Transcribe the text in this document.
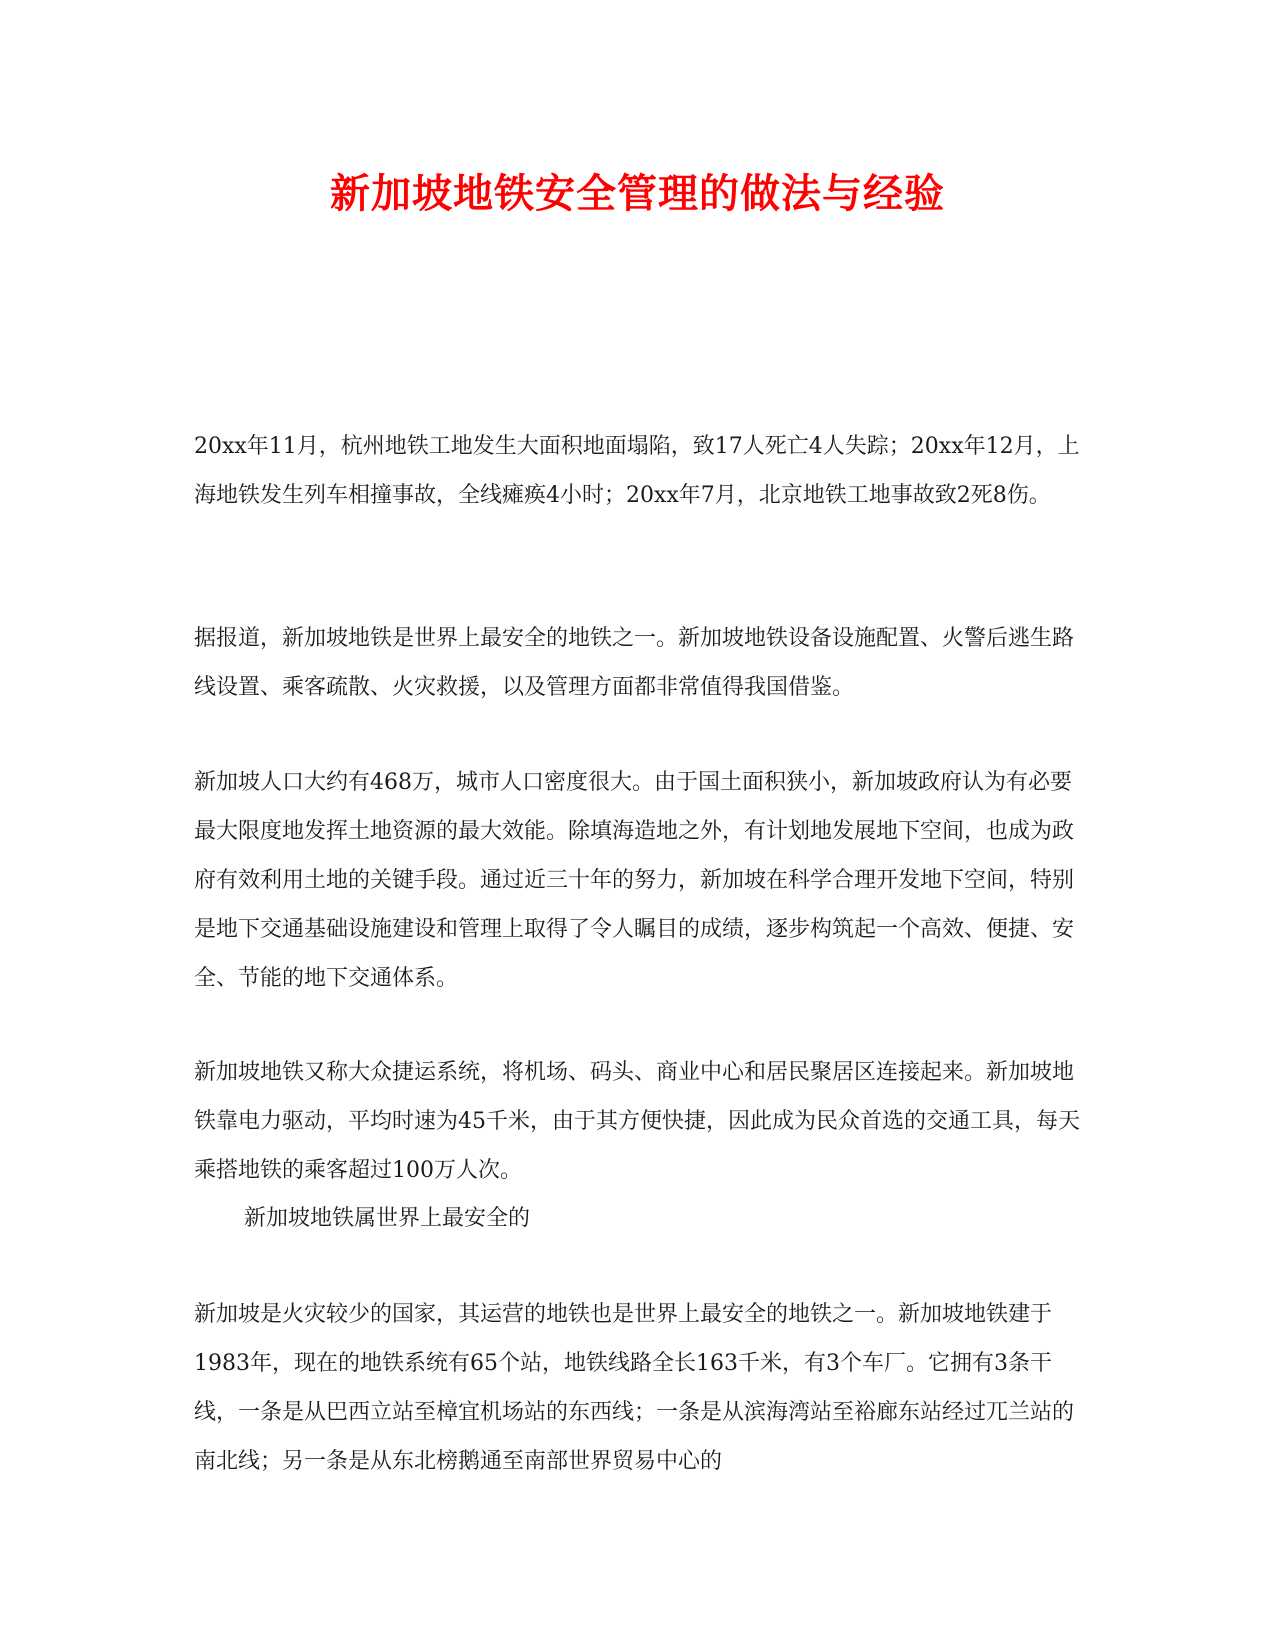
新加坡地铁安全管理的做法与经验

20xx年11月，杭州地铁工地发生大面积地面塌陷，致17人死亡4人失踪；20xx年12月，上海地铁发生列车相撞事故，全线瘫痪4小时；20xx年7月，北京地铁工地事故致2死8伤。

据报道，新加坡地铁是世界上最安全的地铁之一。新加坡地铁设备设施配置、火警后逃生路线设置、乘客疏散、火灾救援，以及管理方面都非常值得我国借鉴。

新加坡人口大约有468万，城市人口密度很大。由于国土面积狭小，新加坡政府认为有必要最大限度地发挥土地资源的最大效能。除填海造地之外，有计划地发展地下空间，也成为政府有效利用土地的关键手段。通过近三十年的努力，新加坡在科学合理开发地下空间，特别是地下交通基础设施建设和管理上取得了令人瞩目的成绩，逐步构筑起一个高效、便捷、安全、节能的地下交通体系。

新加坡地铁又称大众捷运系统，将机场、码头、商业中心和居民聚居区连接起来。新加坡地铁靠电力驱动，平均时速为45千米，由于其方便快捷，因此成为民众首选的交通工具，每天乘搭地铁的乘客超过100万人次。

新加坡地铁属世界上最安全的

新加坡是火灾较少的国家，其运营的地铁也是世界上最安全的地铁之一。新加坡地铁建于1983年，现在的地铁系统有65个站，地铁线路全长163千米，有3个车厂。它拥有3条干线，一条是从巴西立站至樟宜机场站的东西线；一条是从滨海湾站至裕廊东站经过兀兰站的南北线；另一条是从东北榜鹅通至南部世界贸易中心的
